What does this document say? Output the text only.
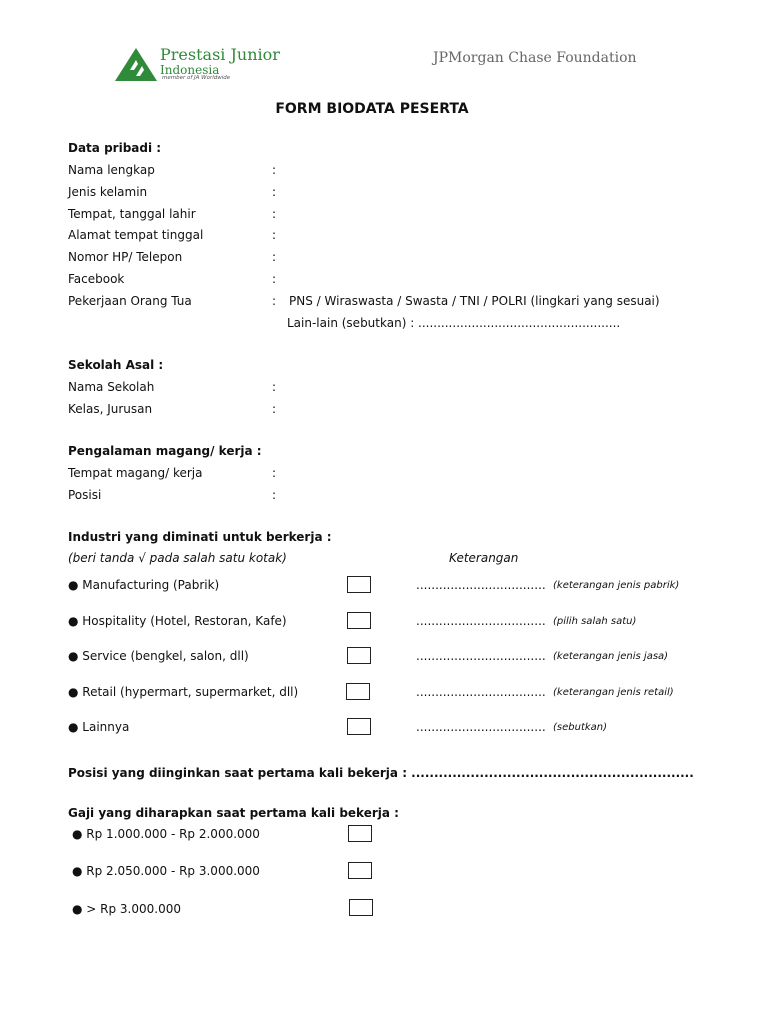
Prestasi Junior
Indonesia
member of JA Worldwide
JPMorgan Chase Foundation
FORM BIODATA PESERTA
Data pribadi :
Nama lengkap	:
Jenis kelamin	:
Tempat, tanggal lahir	:
Alamat tempat tinggal	:
Nomor HP/ Telepon	:
Facebook	:
Pekerjaan Orang Tua	: PNS / Wiraswasta / Swasta / TNI / POLRI (lingkari yang sesuai)
Lain-lain (sebutkan) : .....................................................
Sekolah Asal :
Nama Sekolah	:
Kelas, Jurusan	:
Pengalaman magang/ kerja :
Tempat magang/ kerja	:
Posisi	:
Industri yang diminati untuk berkerja :
(beri tanda √ pada salah satu kotak)	Keterangan
● Manufacturing (Pabrik)	.................................. (keterangan jenis pabrik)
● Hospitality (Hotel, Restoran, Kafe)	.................................. (pilih salah satu)
● Service (bengkel, salon, dll)	.................................. (keterangan jenis jasa)
● Retail (hypermart, supermarket, dll)	.................................. (keterangan jenis retail)
● Lainnya	.................................. (sebutkan)
Posisi yang diinginkan saat pertama kali bekerja : ..............................................................
Gaji yang diharapkan saat pertama kali bekerja :
● Rp 1.000.000 - Rp 2.000.000
● Rp 2.050.000 - Rp 3.000.000
● > Rp 3.000.000
